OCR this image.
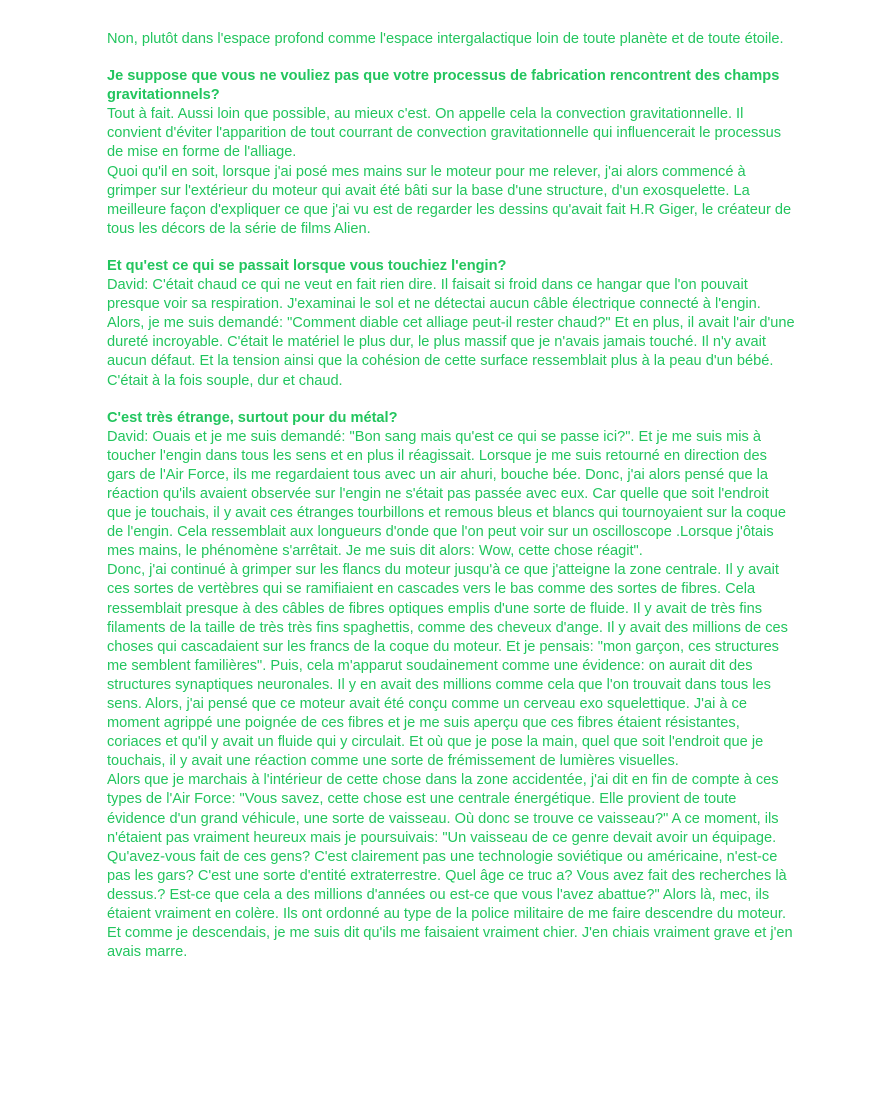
Non, plutôt dans l'espace profond comme l'espace intergalactique loin de toute planète et de toute étoile.

Je suppose que vous ne vouliez pas que votre processus de fabrication rencontrent des champs gravitationnels?

Tout à fait. Aussi loin que possible, au mieux c'est. On appelle cela la convection gravitationnelle. Il convient d'éviter l'apparition de tout courrant de convection gravitationnelle qui influencerait le processus de mise en forme de l'alliage.

Quoi qu'il en soit, lorsque j'ai posé mes mains sur le moteur pour me relever, j'ai alors commencé à grimper sur l'extérieur du moteur qui avait été bâti sur la base d'une structure, d'un exosquelette. La meilleure façon d'expliquer ce que j'ai vu est de regarder les dessins qu'avait fait H.R Giger, le créateur de tous les décors de la série de films Alien.

Et qu'est ce qui se passait lorsque vous touchiez l'engin?

David: C'était chaud ce qui ne veut en fait rien dire. Il faisait si froid dans ce hangar que l'on pouvait presque voir sa respiration. J'examinai le sol et ne détectai aucun câble électrique connecté à l'engin. Alors, je me suis demandé: "Comment diable cet alliage peut-il rester chaud?" Et en plus, il avait l'air d'une dureté incroyable. C'était le matériel le plus dur, le plus massif que je n'avais jamais touché. Il n'y avait aucun défaut. Et la tension ainsi que la cohésion de cette surface ressemblait plus à la peau d'un bébé. C'était à la fois souple, dur et chaud.

C'est très étrange, surtout pour du métal?

David: Ouais et je me suis demandé: "Bon sang mais qu'est ce qui se passe ici?". Et je me suis mis à toucher l'engin dans tous les sens et en plus il réagissait. Lorsque je me suis retourné en direction des gars de l'Air Force, ils me regardaient tous avec un air ahuri, bouche bée. Donc, j'ai alors pensé que la réaction qu'ils avaient observée sur l'engin ne s'était pas passée avec eux. Car quelle que soit l'endroit que je touchais, il y avait ces étranges tourbillons et remous bleus et blancs qui tournoyaient sur la coque de l'engin. Cela ressemblait aux longueurs d'onde que l'on peut voir sur un oscilloscope .Lorsque j'ôtais mes mains, le phénomène s'arrêtait. Je me suis dit alors: Wow, cette chose réagit".

Donc, j'ai continué à grimper sur les flancs du moteur jusqu'à ce que j'atteigne la zone centrale. Il y avait ces sortes de vertèbres qui se ramifiaient en cascades vers le bas comme des sortes de fibres. Cela ressemblait presque à des câbles de fibres optiques emplis d'une sorte de fluide. Il y avait de très fins filaments de la taille de très très fins spaghettis, comme des cheveux d'ange. Il y avait des millions de ces choses qui cascadaient sur les francs de la coque du moteur. Et je pensais: "mon garçon, ces structures me semblent familières". Puis, cela m'apparut soudainement comme une évidence: on aurait dit des structures synaptiques neuronales. Il y en avait des millions comme cela que l'on trouvait dans tous les sens. Alors, j'ai pensé que ce moteur avait été conçu comme un cerveau exo squelettique. J'ai à ce moment agrippé une poignée de ces fibres et je me suis aperçu que ces fibres étaient résistantes, coriaces et qu'il y avait un fluide qui y circulait. Et où que je pose la main, quel que soit l'endroit que je touchais, il y avait une réaction comme une sorte de frémissement de lumières visuelles.

Alors que je marchais à l'intérieur de cette chose dans la zone accidentée, j'ai dit en fin de compte à ces types de l'Air Force: "Vous savez, cette chose est une centrale énergétique. Elle provient de toute évidence d'un grand véhicule, une sorte de vaisseau. Où donc se trouve ce vaisseau?" A ce moment, ils n'étaient pas vraiment heureux mais je poursuivais: "Un vaisseau de ce genre devait avoir un équipage. Qu'avez-vous fait de ces gens? C'est clairement pas une technologie soviétique ou américaine, n'est-ce pas les gars? C'est une sorte d'entité extraterrestre. Quel âge ce truc a? Vous avez fait des recherches là dessus.? Est-ce que cela a des millions d'années ou est-ce que vous l'avez abattue?" Alors là, mec, ils étaient vraiment en colère. Ils ont ordonné au type de la police militaire de me faire descendre du moteur. Et comme je descendais, je me suis dit qu'ils me faisaient vraiment chier. J'en chiais vraiment grave et j'en avais marre.
